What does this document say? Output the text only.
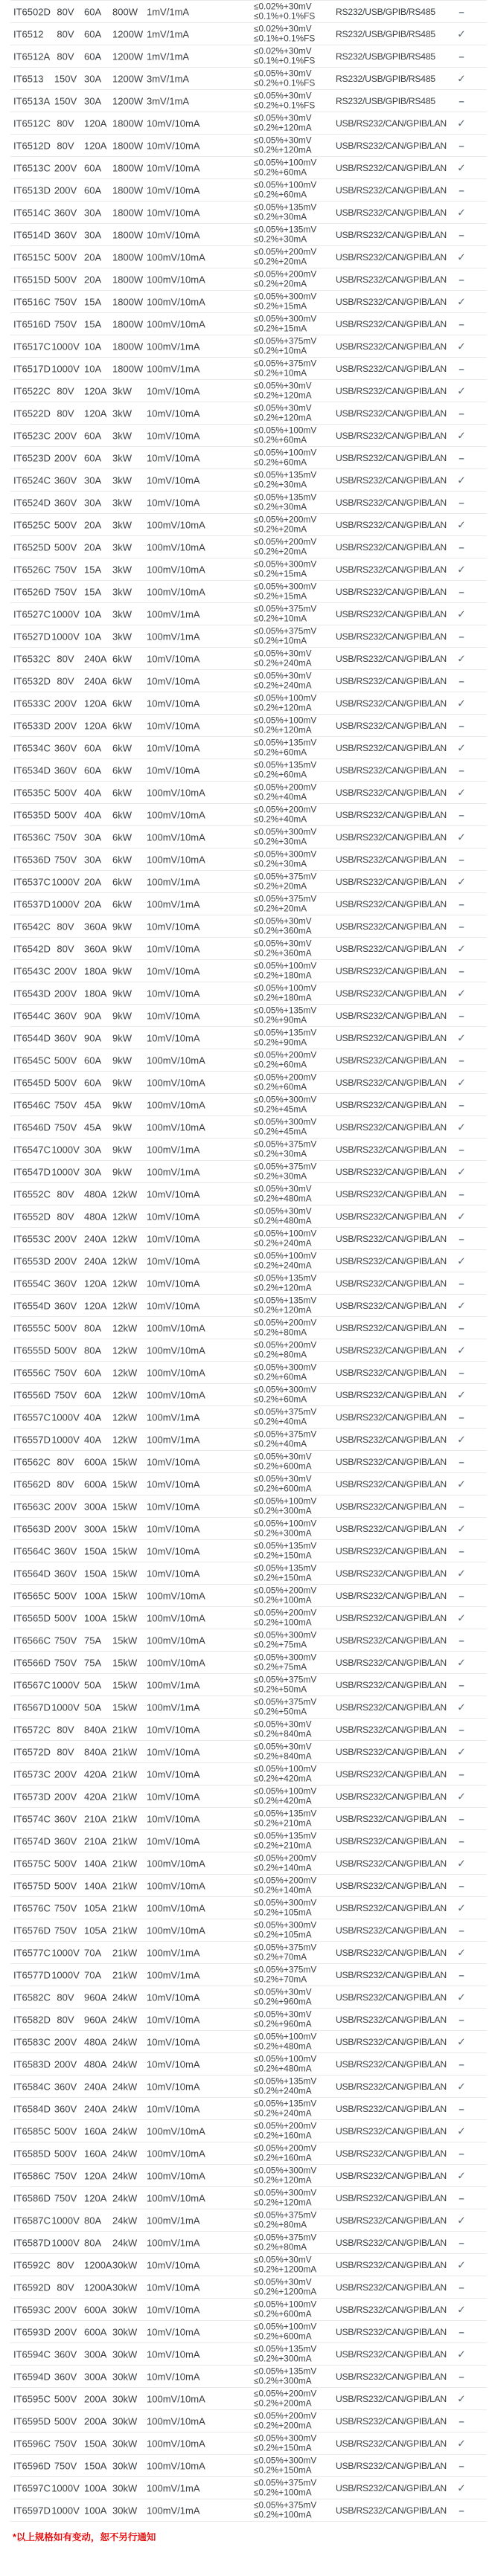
IT6502D 80V	60A 800W 1mV/1mA
≤0.02%+30mV
≤0.1%+0.1%FS RS232/USB/GPIB/RS485	–
IT6512	80V	60A 1200W 1mV/1mA
≤0.02%+30mV
≤0.1%+0.1%FS RS232/USB/GPIB/RS485	✓
IT6512A 80V	60A 1200W 1mV/1mA
≤0.02%+30mV
≤0.1%+0.1%FS RS232/USB/GPIB/RS485	–
IT6513	150V 30A 1200W 3mV/1mA
≤0.05%+30mV
≤0.2%+0.1%FS RS232/USB/GPIB/RS485	✓
IT6513A 150V 30A 1200W 3mV/1mA
≤0.05%+30mV
≤0.2%+0.1%FS RS232/USB/GPIB/RS485	–
IT6512C 80V	120A 1800W 10mV/10mA
≤0.05%+30mV
≤0.2%+120mA	USB/RS232/CAN/GPIB/LAN	✓
IT6512D 80V	120A 1800W 10mV/10mA
≤0.05%+30mV
≤0.2%+120mA	USB/RS232/CAN/GPIB/LAN	–
IT6513C 200V 60A 1800W 10mV/10mA
≤0.05%+100mV
≤0.2%+60mA	USB/RS232/CAN/GPIB/LAN	✓
IT6513D 200V 60A 1800W 10mV/10mA
≤0.05%+100mV
≤0.2%+60mA	USB/RS232/CAN/GPIB/LAN	–
IT6514C 360V 30A 1800W 10mV/10mA
≤0.05%+135mV
≤0.2%+30mA	USB/RS232/CAN/GPIB/LAN	✓
IT6514D 360V 30A 1800W 10mV/10mA
≤0.05%+135mV
≤0.2%+30mA	USB/RS232/CAN/GPIB/LAN	–
IT6515C 500V 20A 1800W 100mV/10mA
≤0.05%+200mV
≤0.2%+20mA	USB/RS232/CAN/GPIB/LAN	✓
IT6515D 500V 20A 1800W 100mV/10mA
≤0.05%+200mV
≤0.2%+20mA	USB/RS232/CAN/GPIB/LAN	–
IT6516C 750V 15A 1800W 100mV/10mA
≤0.05%+300mV
≤0.2%+15mA	USB/RS232/CAN/GPIB/LAN	✓
IT6516D 750V 15A 1800W 100mV/10mA
≤0.05%+300mV
≤0.2%+15mA	USB/RS232/CAN/GPIB/LAN	–
IT6517C 1000V 10A 1800W 100mV/1mA
≤0.05%+375mV
≤0.2%+10mA	USB/RS232/CAN/GPIB/LAN	✓
IT6517D 1000V 10A 1800W 100mV/1mA
≤0.05%+375mV
≤0.2%+10mA	USB/RS232/CAN/GPIB/LAN	–
IT6522C 80V	120A 3kW 10mV/10mA
≤0.05%+30mV
≤0.2%+120mA	USB/RS232/CAN/GPIB/LAN	✓
IT6522D 80V	120A 3kW 10mV/10mA
≤0.05%+30mV
≤0.2%+120mA	USB/RS232/CAN/GPIB/LAN	–
IT6523C 200V 60A 3kW 10mV/10mA
≤0.05%+100mV
≤0.2%+60mA	USB/RS232/CAN/GPIB/LAN	✓
IT6523D 200V 60A 3kW 10mV/10mA
≤0.05%+100mV
≤0.2%+60mA	USB/RS232/CAN/GPIB/LAN	–
IT6524C 360V 30A 3kW 10mV/10mA
≤0.05%+135mV
≤0.2%+30mA	USB/RS232/CAN/GPIB/LAN	✓
IT6524D 360V 30A 3kW 10mV/10mA
≤0.05%+135mV
≤0.2%+30mA	USB/RS232/CAN/GPIB/LAN	–
IT6525C 500V 20A 3kW 100mV/10mA
≤0.05%+200mV
≤0.2%+20mA	USB/RS232/CAN/GPIB/LAN	✓
IT6525D 500V 20A 3kW 100mV/10mA
≤0.05%+200mV
≤0.2%+20mA	USB/RS232/CAN/GPIB/LAN	–
IT6526C 750V 15A 3kW 100mV/10mA
≤0.05%+300mV
≤0.2%+15mA	USB/RS232/CAN/GPIB/LAN	✓
IT6526D 750V 15A 3kW 100mV/10mA
≤0.05%+300mV
≤0.2%+15mA	USB/RS232/CAN/GPIB/LAN	–
IT6527C 1000V 10A 3kW 100mV/1mA
≤0.05%+375mV
≤0.2%+10mA	USB/RS232/CAN/GPIB/LAN	✓
IT6527D 1000V 10A 3kW 100mV/1mA
≤0.05%+375mV
≤0.2%+10mA	USB/RS232/CAN/GPIB/LAN	–
IT6532C 80V	240A 6kW 10mV/10mA
≤0.05%+30mV
≤0.2%+240mA	USB/RS232/CAN/GPIB/LAN	✓
IT6532D 80V	240A 6kW 10mV/10mA
≤0.05%+30mV
≤0.2%+240mA	USB/RS232/CAN/GPIB/LAN	–
IT6533C 200V 120A 6kW 10mV/10mA
≤0.05%+100mV
≤0.2%+120mA	USB/RS232/CAN/GPIB/LAN	✓
IT6533D 200V 120A 6kW 10mV/10mA
≤0.05%+100mV
≤0.2%+120mA	USB/RS232/CAN/GPIB/LAN	–
IT6534C 360V 60A 6kW 10mV/10mA
≤0.05%+135mV
≤0.2%+60mA	USB/RS232/CAN/GPIB/LAN	✓
IT6534D 360V 60A 6kW 10mV/10mA
≤0.05%+135mV
≤0.2%+60mA	USB/RS232/CAN/GPIB/LAN	–
IT6535C 500V 40A 6kW 100mV/10mA
≤0.05%+200mV
≤0.2%+40mA	USB/RS232/CAN/GPIB/LAN	✓
IT6535D 500V 40A 6kW 100mV/10mA
≤0.05%+200mV
≤0.2%+40mA	USB/RS232/CAN/GPIB/LAN	–
IT6536C 750V 30A 6kW 100mV/10mA
≤0.05%+300mV
≤0.2%+30mA	USB/RS232/CAN/GPIB/LAN	✓
IT6536D 750V 30A 6kW 100mV/10mA
≤0.05%+300mV
≤0.2%+30mA	USB/RS232/CAN/GPIB/LAN	–
IT6537C 1000V 20A 6kW 100mV/1mA
≤0.05%+375mV
≤0.2%+20mA	USB/RS232/CAN/GPIB/LAN	✓
IT6537D 1000V 20A 6kW 100mV/1mA
≤0.05%+375mV
≤0.2%+20mA	USB/RS232/CAN/GPIB/LAN	–
IT6542C 80V	360A 9kW 10mV/10mA
≤0.05%+30mV
≤0.2%+360mA	USB/RS232/CAN/GPIB/LAN	–
IT6542D 80V	360A 9kW 10mV/10mA
≤0.05%+30mV
≤0.2%+360mA	USB/RS232/CAN/GPIB/LAN	✓
IT6543C 200V 180A 9kW 10mV/10mA
≤0.05%+100mV
≤0.2%+180mA	USB/RS232/CAN/GPIB/LAN	–
IT6543D 200V 180A 9kW 10mV/10mA
≤0.05%+100mV
≤0.2%+180mA	USB/RS232/CAN/GPIB/LAN	✓
IT6544C 360V 90A 9kW 10mV/10mA
≤0.05%+135mV
≤0.2%+90mA	USB/RS232/CAN/GPIB/LAN	–
IT6544D 360V 90A 9kW 10mV/10mA
≤0.05%+135mV
≤0.2%+90mA	USB/RS232/CAN/GPIB/LAN	✓
IT6545C 500V 60A 9kW 100mV/10mA
≤0.05%+200mV
≤0.2%+60mA	USB/RS232/CAN/GPIB/LAN	–
IT6545D 500V 60A 9kW 100mV/10mA
≤0.05%+200mV
≤0.2%+60mA	USB/RS232/CAN/GPIB/LAN	✓
IT6546C 750V 45A 9kW 100mV/10mA
≤0.05%+300mV
≤0.2%+45mA	USB/RS232/CAN/GPIB/LAN	–
IT6546D 750V 45A 9kW 100mV/10mA
≤0.05%+300mV
≤0.2%+45mA	USB/RS232/CAN/GPIB/LAN	✓
IT6547C 1000V 30A 9kW 100mV/1mA
≤0.05%+375mV
≤0.2%+30mA	USB/RS232/CAN/GPIB/LAN	–
IT6547D 1000V 30A 9kW 100mV/1mA
≤0.05%+375mV
≤0.2%+30mA	USB/RS232/CAN/GPIB/LAN	✓
IT6552C 80V	480A 12kW 10mV/10mA
≤0.05%+30mV
≤0.2%+480mA	USB/RS232/CAN/GPIB/LAN	–
IT6552D 80V	480A 12kW 10mV/10mA
≤0.05%+30mV
≤0.2%+480mA	USB/RS232/CAN/GPIB/LAN	✓
IT6553C 200V 240A 12kW 10mV/10mA
≤0.05%+100mV
≤0.2%+240mA	USB/RS232/CAN/GPIB/LAN	–
IT6553D 200V 240A 12kW 10mV/10mA
≤0.05%+100mV
≤0.2%+240mA	USB/RS232/CAN/GPIB/LAN	✓
IT6554C 360V 120A 12kW 10mV/10mA
≤0.05%+135mV
≤0.2%+120mA	USB/RS232/CAN/GPIB/LAN	–
IT6554D 360V 120A 12kW 10mV/10mA
≤0.05%+135mV
≤0.2%+120mA	USB/RS232/CAN/GPIB/LAN	✓
IT6555C 500V 80A 12kW 100mV/10mA
≤0.05%+200mV
≤0.2%+80mA	USB/RS232/CAN/GPIB/LAN	–
IT6555D 500V 80A 12kW 100mV/10mA
≤0.05%+200mV
≤0.2%+80mA	USB/RS232/CAN/GPIB/LAN	✓
IT6556C 750V 60A 12kW 100mV/10mA
≤0.05%+300mV
≤0.2%+60mA	USB/RS232/CAN/GPIB/LAN	–
IT6556D 750V 60A 12kW 100mV/10mA
≤0.05%+300mV
≤0.2%+60mA	USB/RS232/CAN/GPIB/LAN	✓
IT6557C 1000V 40A 12kW 100mV/1mA
≤0.05%+375mV
≤0.2%+40mA	USB/RS232/CAN/GPIB/LAN	–
IT6557D 1000V 40A 12kW 100mV/1mA
≤0.05%+375mV
≤0.2%+40mA	USB/RS232/CAN/GPIB/LAN	✓
IT6562C 80V	600A 15kW 10mV/10mA
≤0.05%+30mV
≤0.2%+600mA	USB/RS232/CAN/GPIB/LAN	–
IT6562D 80V	600A 15kW 10mV/10mA
≤0.05%+30mV
≤0.2%+600mA	USB/RS232/CAN/GPIB/LAN	✓
IT6563C 200V 300A 15kW 10mV/10mA
≤0.05%+100mV
≤0.2%+300mA	USB/RS232/CAN/GPIB/LAN	–
IT6563D 200V 300A 15kW 10mV/10mA
≤0.05%+100mV
≤0.2%+300mA	USB/RS232/CAN/GPIB/LAN	✓
IT6564C 360V 150A 15kW 10mV/10mA
≤0.05%+135mV
≤0.2%+150mA	USB/RS232/CAN/GPIB/LAN	–
IT6564D 360V 150A 15kW 10mV/10mA
≤0.05%+135mV
≤0.2%+150mA	USB/RS232/CAN/GPIB/LAN	✓
IT6565C 500V 100A 15kW 100mV/10mA
≤0.05%+200mV
≤0.2%+100mA	USB/RS232/CAN/GPIB/LAN	–
IT6565D 500V 100A 15kW 100mV/10mA
≤0.05%+200mV
≤0.2%+100mA	USB/RS232/CAN/GPIB/LAN	✓
IT6566C 750V 75A 15kW 100mV/10mA
≤0.05%+300mV
≤0.2%+75mA	USB/RS232/CAN/GPIB/LAN	–
IT6566D 750V 75A 15kW 100mV/10mA
≤0.05%+300mV
≤0.2%+75mA	USB/RS232/CAN/GPIB/LAN	✓
IT6567C 1000V 50A 15kW 100mV/1mA
≤0.05%+375mV
≤0.2%+50mA	USB/RS232/CAN/GPIB/LAN	–
IT6567D 1000V 50A 15kW 100mV/1mA
≤0.05%+375mV
≤0.2%+50mA	USB/RS232/CAN/GPIB/LAN	✓
IT6572C 80V	840A 21kW 10mV/10mA
≤0.05%+30mV
≤0.2%+840mA	USB/RS232/CAN/GPIB/LAN	–
IT6572D 80V	840A 21kW 10mV/10mA
≤0.05%+30mV
≤0.2%+840mA	USB/RS232/CAN/GPIB/LAN	✓
IT6573C 200V 420A 21kW 10mV/10mA
≤0.05%+100mV
≤0.2%+420mA	USB/RS232/CAN/GPIB/LAN	–
IT6573D 200V 420A 21kW 10mV/10mA
≤0.05%+100mV
≤0.2%+420mA	USB/RS232/CAN/GPIB/LAN	✓
IT6574C 360V 210A 21kW 10mV/10mA
≤0.05%+135mV
≤0.2%+210mA	USB/RS232/CAN/GPIB/LAN	–
IT6574D 360V 210A 21kW 10mV/10mA
≤0.05%+135mV
≤0.2%+210mA	USB/RS232/CAN/GPIB/LAN	–
IT6575C 500V 140A 21kW 100mV/10mA
≤0.05%+200mV
≤0.2%+140mA	USB/RS232/CAN/GPIB/LAN	✓
IT6575D 500V 140A 21kW 100mV/10mA
≤0.05%+200mV
≤0.2%+140mA	USB/RS232/CAN/GPIB/LAN	–
IT6576C 750V 105A 21kW 100mV/10mA
≤0.05%+300mV
≤0.2%+105mA	USB/RS232/CAN/GPIB/LAN	✓
IT6576D 750V 105A 21kW 100mV/10mA
≤0.05%+300mV
≤0.2%+105mA	USB/RS232/CAN/GPIB/LAN	–
IT6577C 1000V 70A 21kW 100mV/1mA
≤0.05%+375mV
≤0.2%+70mA	USB/RS232/CAN/GPIB/LAN	✓
IT6577D 1000V 70A 21kW 100mV/1mA
≤0.05%+375mV
≤0.2%+70mA	USB/RS232/CAN/GPIB/LAN	–
IT6582C 80V	960A 24kW 10mV/10mA
≤0.05%+30mV
≤0.2%+960mA	USB/RS232/CAN/GPIB/LAN	✓
IT6582D 80V	960A 24kW 10mV/10mA
≤0.05%+30mV
≤0.2%+960mA	USB/RS232/CAN/GPIB/LAN	–
IT6583C 200V 480A 24kW 10mV/10mA
≤0.05%+100mV
≤0.2%+480mA	USB/RS232/CAN/GPIB/LAN	✓
IT6583D 200V 480A 24kW 10mV/10mA
≤0.05%+100mV
≤0.2%+480mA	USB/RS232/CAN/GPIB/LAN	–
IT6584C 360V 240A 24kW 10mV/10mA
≤0.05%+135mV
≤0.2%+240mA	USB/RS232/CAN/GPIB/LAN	✓
IT6584D 360V 240A 24kW 10mV/10mA
≤0.05%+135mV
≤0.2%+240mA	USB/RS232/CAN/GPIB/LAN	–
IT6585C 500V 160A 24kW 100mV/10mA
≤0.05%+200mV
≤0.2%+160mA	USB/RS232/CAN/GPIB/LAN	✓
IT6585D 500V 160A 24kW 100mV/10mA
≤0.05%+200mV
≤0.2%+160mA	USB/RS232/CAN/GPIB/LAN	–
IT6586C 750V 120A 24kW 100mV/10mA
≤0.05%+300mV
≤0.2%+120mA	USB/RS232/CAN/GPIB/LAN	✓
IT6586D 750V 120A 24kW 100mV/10mA
≤0.05%+300mV
≤0.2%+120mA	USB/RS232/CAN/GPIB/LAN	–
IT6587C 1000V 80A 24kW 100mV/1mA
≤0.05%+375mV
≤0.2%+80mA	USB/RS232/CAN/GPIB/LAN	✓
IT6587D 1000V 80A 24kW 100mV/1mA
≤0.05%+375mV
≤0.2%+80mA	USB/RS232/CAN/GPIB/LAN	–
IT6592C 80V	1200A 30kW 10mV/10mA
≤0.05%+30mV
≤0.2%+1200mA USB/RS232/CAN/GPIB/LAN	✓
IT6592D 80V	1200A 30kW 10mV/10mA
≤0.05%+30mV
≤0.2%+1200mA USB/RS232/CAN/GPIB/LAN	–
IT6593C 200V 600A 30kW 10mV/10mA
≤0.05%+100mV
≤0.2%+600mA	USB/RS232/CAN/GPIB/LAN	✓
IT6593D 200V 600A 30kW 10mV/10mA
≤0.05%+100mV
≤0.2%+600mA	USB/RS232/CAN/GPIB/LAN	–
IT6594C 360V 300A 30kW 10mV/10mA
≤0.05%+135mV
≤0.2%+300mA	USB/RS232/CAN/GPIB/LAN	✓
IT6594D 360V 300A 30kW 10mV/10mA
≤0.05%+135mV
≤0.2%+300mA	USB/RS232/CAN/GPIB/LAN	–
IT6595C 500V 200A 30kW 100mV/10mA
≤0.05%+200mV
≤0.2%+200mA	USB/RS232/CAN/GPIB/LAN	✓
IT6595D 500V 200A 30kW 100mV/10mA
≤0.05%+200mV
≤0.2%+200mA	USB/RS232/CAN/GPIB/LAN	–
IT6596C 750V 150A 30kW 100mV/10mA
≤0.05%+300mV
≤0.2%+150mA	USB/RS232/CAN/GPIB/LAN	✓
IT6596D 750V 150A 30kW 100mV/10mA
≤0.05%+300mV
≤0.2%+150mA	USB/RS232/CAN/GPIB/LAN	–
IT6597C 1000V 100A 30kW 100mV/1mA
≤0.05%+375mV
≤0.2%+100mA	USB/RS232/CAN/GPIB/LAN	✓
IT6597D 1000V 100A 30kW 100mV/1mA
≤0.05%+375mV
≤0.2%+100mA	USB/RS232/CAN/GPIB/LAN	–
*以上规格如有变动，恕不另行通知
